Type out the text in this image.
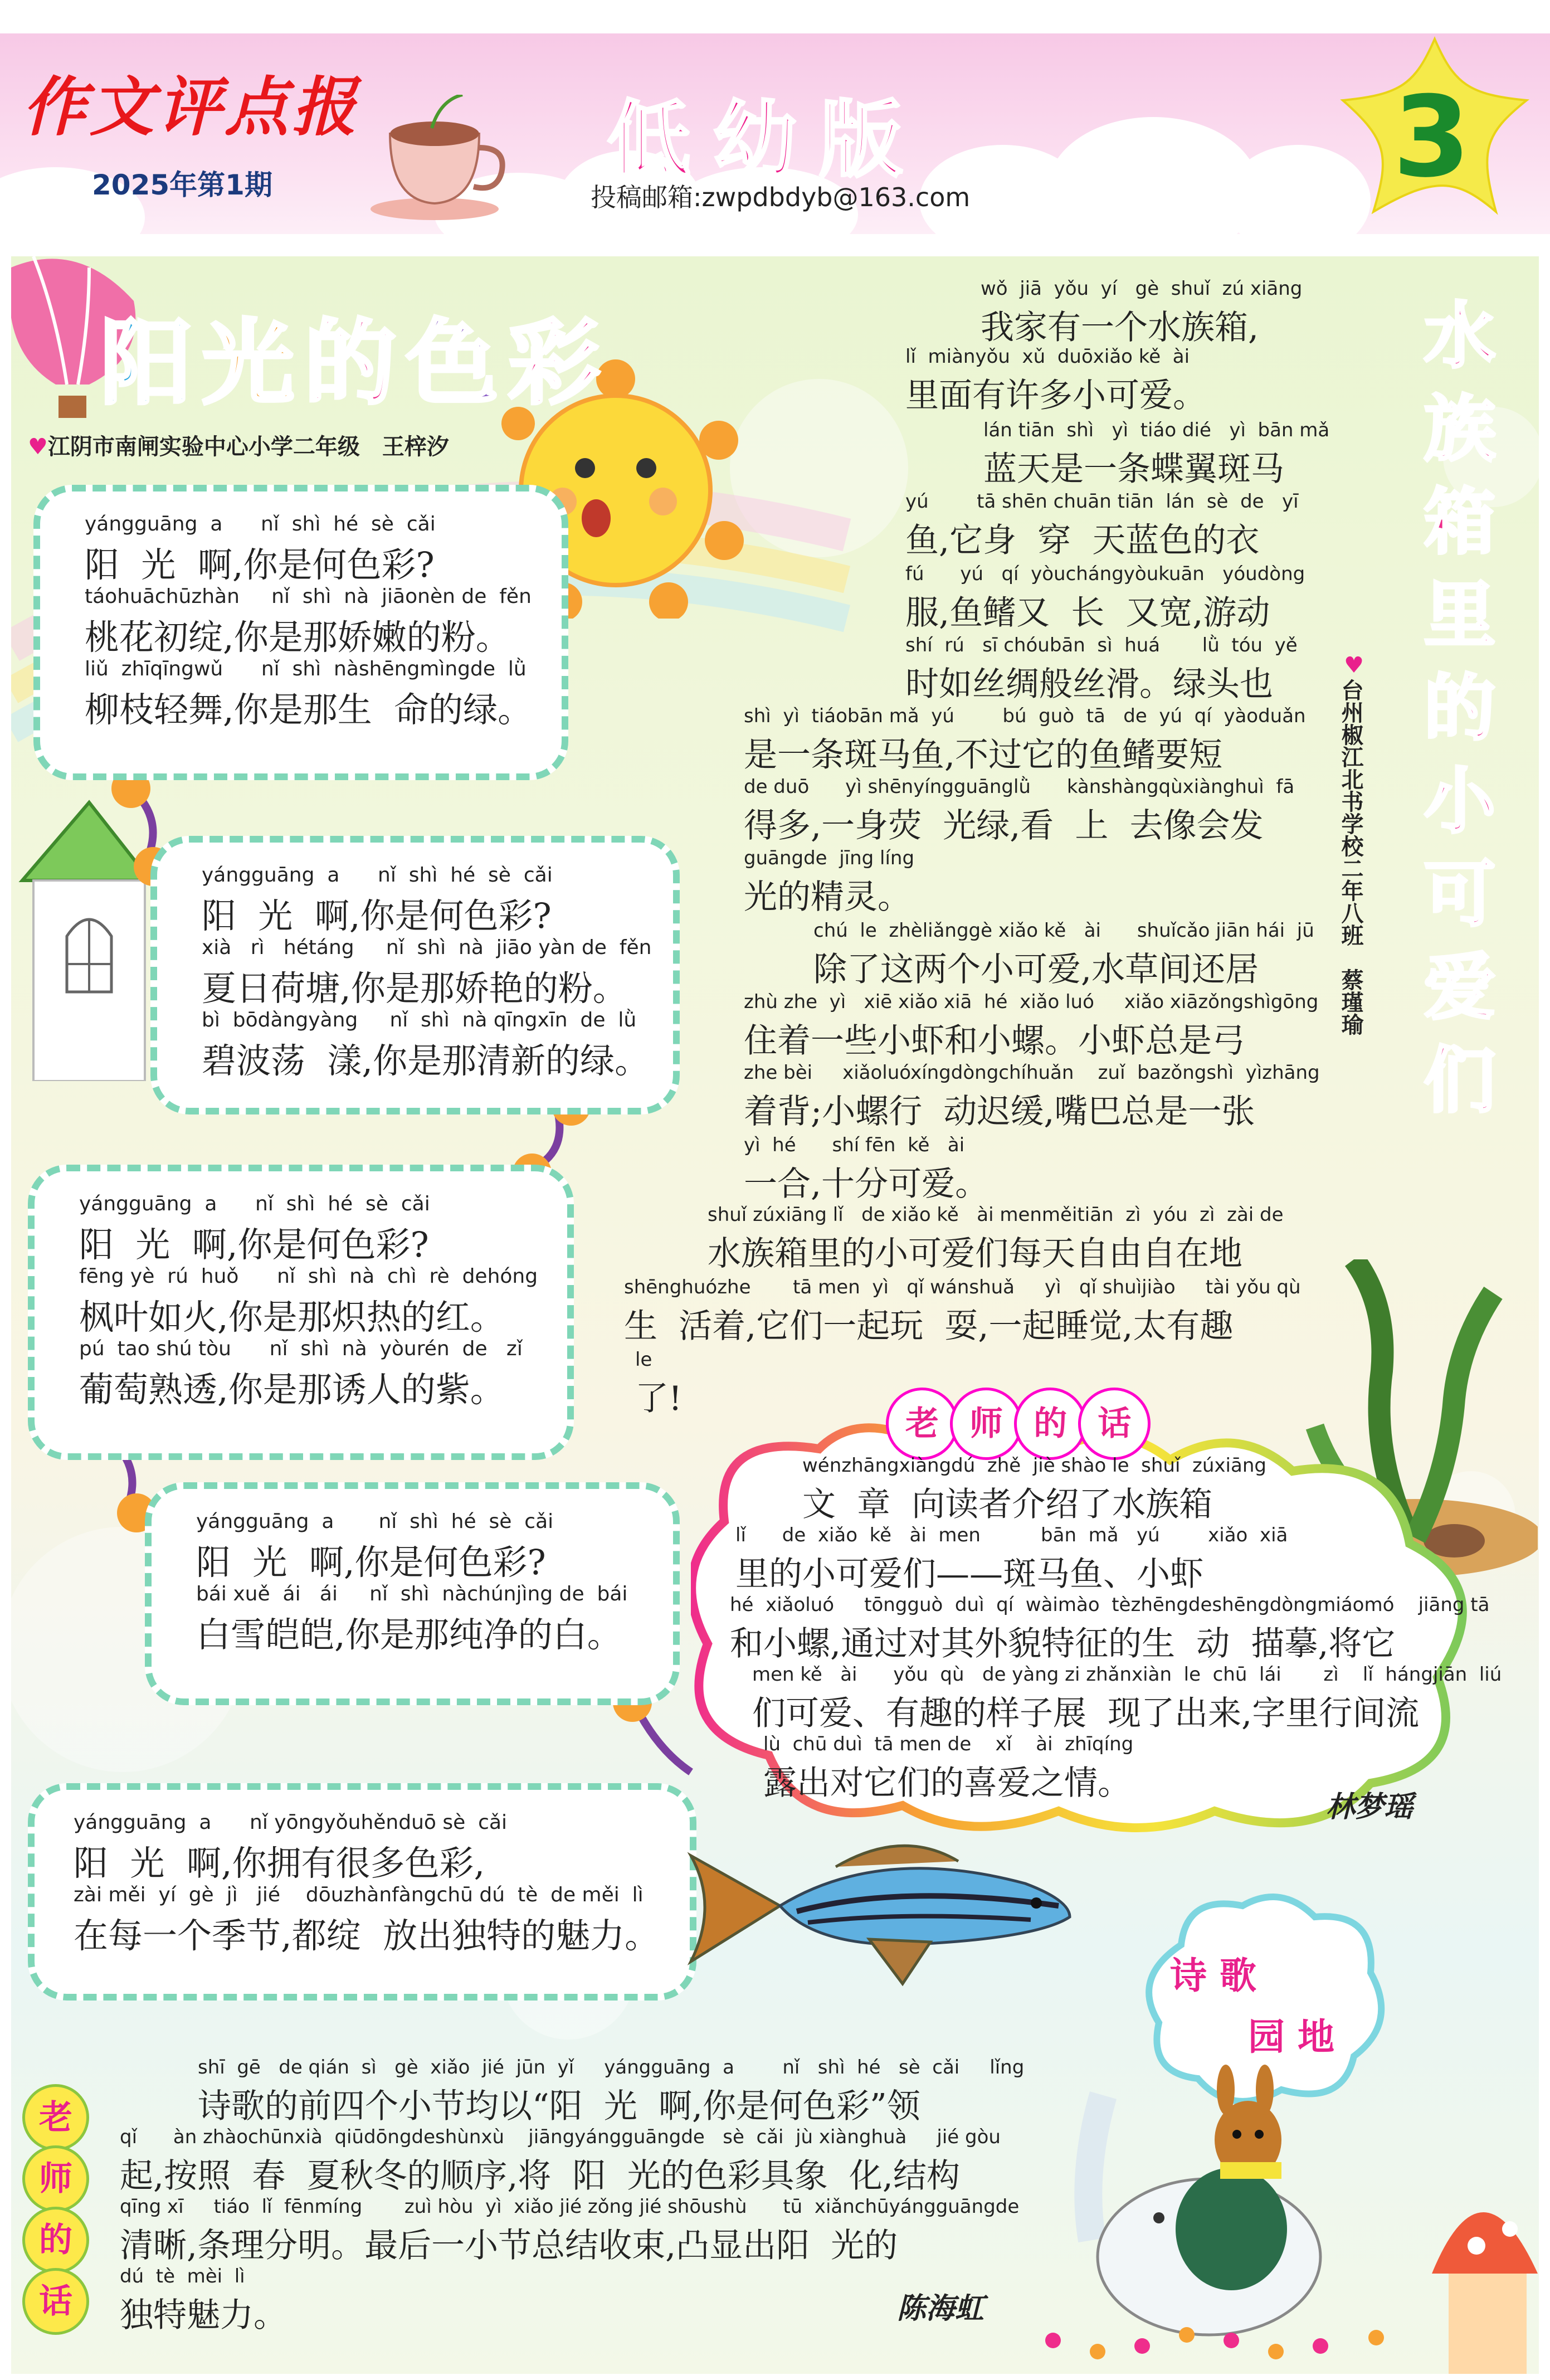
作文评点报
2025年第1期	低幼版
投稿邮箱:zwpdbdyb@163.com	3
阳光的色彩
♥江阴市南闸实验中心小学二年级　王梓汐
yángguāng  a      nǐ  shì  hé  sè  cǎi
阳  光  啊,你是何色彩?
táohuāchūzhàn     nǐ  shì  nà  jiāonèn de  fěn
桃花初绽,你是那娇嫩的粉。
liǔ  zhīqīngwǔ      nǐ  shì  nàshēngmìngde  lǜ
柳枝轻舞,你是那生  命的绿。
yángguāng  a      nǐ  shì  hé  sè  cǎi
阳  光  啊,你是何色彩?
xià   rì   hétáng     nǐ  shì  nà  jiāo yàn de  fěn
夏日荷塘,你是那娇艳的粉。
bì  bōdàngyàng     nǐ  shì  nà qīngxīn  de  lǜ
碧波荡  漾,你是那清新的绿。
yángguāng  a      nǐ  shì  hé  sè  cǎi
阳  光  啊,你是何色彩?
fēng yè  rú  huǒ      nǐ  shì  nà  chì  rè  dehóng
枫叶如火,你是那炽热的红。
pú  tao shú tòu      nǐ  shì  nà  yòurén  de   zǐ
葡萄熟透,你是那诱人的紫。
yángguāng  a       nǐ  shì  hé  sè  cǎi
阳  光  啊,你是何色彩?
bái xuě  ái   ái     nǐ  shì  nàchúnjìng de  bái
白雪皑皑,你是那纯净的白。
yángguāng  a      nǐ yōngyǒuhěnduō sè  cǎi
阳  光  啊,你拥有很多色彩,
zài měi  yí  gè  jì   jié    dōuzhànfàngchū dú  tè  de měi  lì
在每一个季节,都绽  放出独特的魅力。
水
族
箱
里
的
小
可
爱
们
♥
台州椒江北书学校二年八班　蔡瑾瑜
wǒ  jiā  yǒu  yí   gè  shuǐ  zú xiāng
我家有一个水族箱,
lǐ  miànyǒu  xǔ  duōxiǎo kě  ài
里面有许多小可爱。
lán tiān  shì   yì  tiáo dié   yì  bān mǎ
蓝天是一条蝶翼斑马
yú        tā shēn chuān tiān  lán  sè  de   yī
鱼,它身  穿  天蓝色的衣
fú      yú   qí  yòuchángyòukuān   yóudòng
服,鱼鳍又  长  又宽,游动
shí  rú   sī chóubān  sì  huá       lǜ  tóu  yě
时如丝绸般丝滑。绿头也
shì  yì  tiáobān mǎ  yú        bú  guò  tā   de  yú  qí  yàoduǎn
是一条斑马鱼,不过它的鱼鳍要短
de duō      yì shēnyíngguānglǜ      kànshàngqùxiànghuì  fā
得多,一身荧  光绿,看  上  去像会发
guāngde  jīng líng
光的精灵。
chú  le  zhèliǎnggè xiǎo kě   ài      shuǐcǎo jiān hái  jū
除了这两个小可爱,水草间还居
zhù zhe  yì   xiē xiǎo xiā  hé  xiǎo luó     xiǎo xiāzǒngshìgōng
住着一些小虾和小螺。小虾总是弓
zhe bèi     xiǎoluóxíngdòngchíhuǎn    zuǐ  bazǒngshì  yìzhāng
着背;小螺行  动迟缓,嘴巴总是一张
yì  hé      shí fēn  kě   ài
一合,十分可爱。
shuǐ zúxiāng lǐ   de xiǎo kě   ài menměitiān  zì  yóu  zì  zài de
水族箱里的小可爱们每天自由自在地
shēnghuózhe       tā men  yì   qǐ wánshuǎ     yì   qǐ shuìjiào     tài yǒu qù
生  活着,它们一起玩  耍,一起睡觉,太有趣
le
了!
老 师 的 话
wénzhāngxiàngdú  zhě  jiè shào le  shuǐ  zúxiāng
文  章  向读者介绍了水族箱
lǐ      de  xiǎo  kě   ài  men          bān  mǎ   yú        xiǎo  xiā
里的小可爱们——斑马鱼、小虾
hé  xiǎoluó     tōngguò  duì  qí  wàimào  tèzhēngdeshēngdòngmiáomó    jiāng tā
和小螺,通过对其外貌特征的生  动  描摹,将它
men kě   ài      yǒu  qù   de yàng zi zhǎnxiàn  le  chū  lái       zì    lǐ  hángjiān  liú
们可爱、有趣的样子展  现了出来,字里行间流
lù  chū duì  tā men de    xǐ    ài  zhīqíng
露出对它们的喜爱之情。
林梦瑶
诗 歌
园 地
老
师
的
话
shī  gē   de qián  sì   gè  xiǎo  jié  jūn  yǐ     yángguāng  a        nǐ   shì  hé   sè  cǎi     lǐng
诗歌的前四个小节均以“阳  光  啊,你是何色彩”领
qǐ      àn zhàochūnxià  qiūdōngdeshùnxù    jiāngyángguāngde   sè  cǎi  jù xiànghuà     jié gòu
起,按照  春  夏秋冬的顺序,将  阳  光的色彩具象  化,结构
qīng xī     tiáo  lǐ  fēnmíng       zuì hòu  yì  xiǎo jié zǒng jié shōushù      tū  xiǎnchūyángguāngde
清晰,条理分明。最后一小节总结收束,凸显出阳  光的
dú  tè  mèi  lì
独特魅力。	陈海虹
